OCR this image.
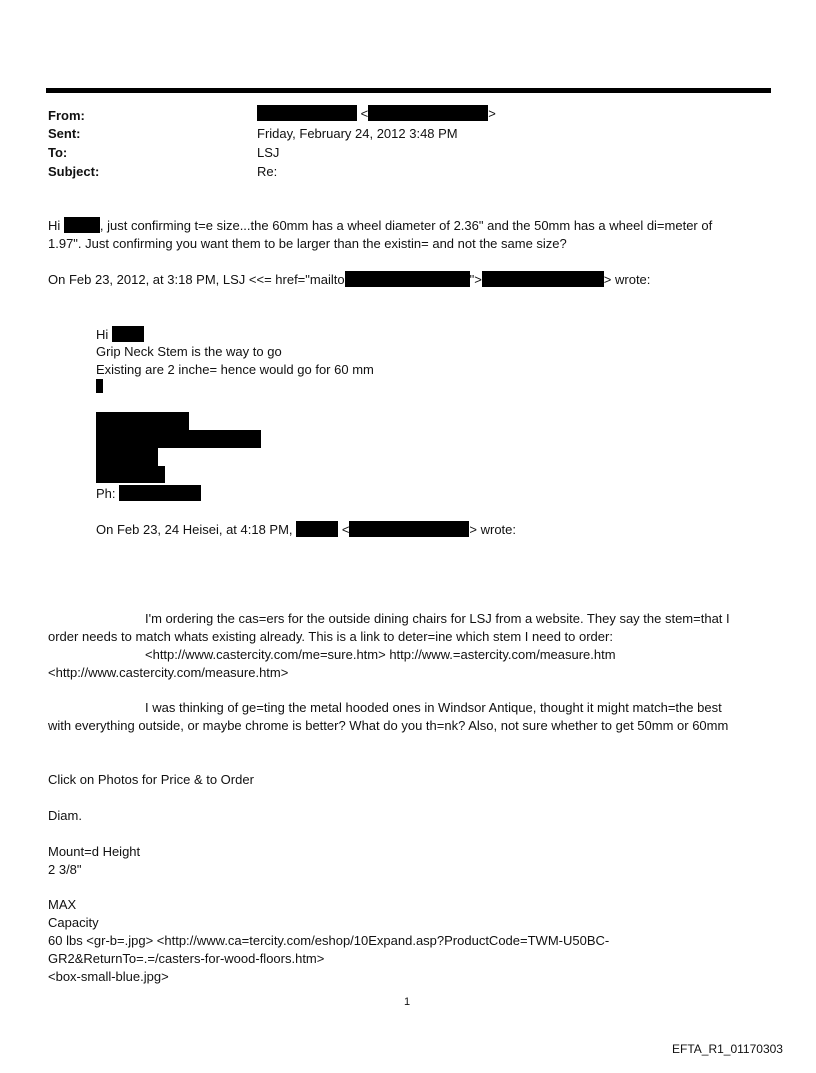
From:	<	>
Sent:	Friday, February 24, 2012 3:48 PM
To:	LSJ
Subject:	Re:
Hi	, just confirming t=e size...the 60mm has a wheel diameter of 2.36" and the 50mm has a wheel di=meter of
1.97". Just confirming you want them to be larger than the existin= and not the same size?
On Feb 23, 2012, at 3:18 PM, LSJ <<= href="mailto	">	> wrote:
Hi
Grip Neck Stem is the way to go
Existing are 2 inche= hence would go for 60 mm
Ph:
On Feb 23, 24 Heisei, at 4:18 PM,	<	> wrote:
I'm ordering the cas=ers for the outside dining chairs for LSJ from a website. They say the stem=that I
order needs to match whats existing already. This is a link to deter=ine which stem I need to order:
<http://www.castercity.com/me=sure.htm> http://www.=astercity.com/measure.htm
<http://www.castercity.com/measure.htm>
I was thinking of ge=ting the metal hooded ones in Windsor Antique, thought it might match=the best
with everything outside, or maybe chrome is better? What do you th=nk? Also, not sure whether to get 50mm or 60mm
Click on Photos for Price & to Order
Diam.
Mount=d Height
2 3/8"
MAX
Capacity
60 lbs <gr-b=.jpg> <http://www.ca=tercity.com/eshop/10Expand.asp?ProductCode=TWM-U50BC-
GR2&ReturnTo=.=/casters-for-wood-floors.htm>
<box-small-blue.jpg>
1
EFTA_R1_01170303
